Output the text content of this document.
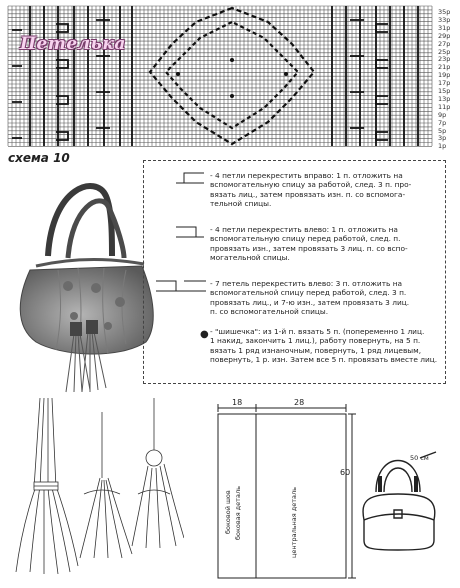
35р
33р
31р
29р
27р
25р
23р
21р
19р
17р
15р
13р
11р
9р
7р
5р
3р
1р
Петелька
схема 10
- 4 петли перекрестить вправо: 1 п. отложить на
вспомогательную спицу за работой, след. 3 п. про-
вязать лиц., затем провязать изн. п. со вспомога-
тельной спицы.
- 4 петли перекрестить влево: 1 п. отложить на
вспомогательную спицу перед работой, след. п.
провязать изн., затем провязать 3 лиц. п. со вспо-
могательной спицы.
- 7 петель перекрестить влево: 3 п. отложить на
вспомогательной спицу перед работой, след. 3 п.
провязать лиц., и 7-ю изн., затем провязать 3 лиц.
п. со вспомогательной спицы.
● - "шишечка": из 1-й п. вязать 5 п. (попеременно 1 лиц.
1 накид, закончить 1 лиц.), работу повернуть, на 5 п.
вязать 1 ряд изнаночным, повернуть, 1 ряд лицевым,
повернуть, 1 р. изн. Затем все 5 п. провязать вместе лиц.
18	28
60
боковой шов боковая деталь	центральная деталь
50 см
